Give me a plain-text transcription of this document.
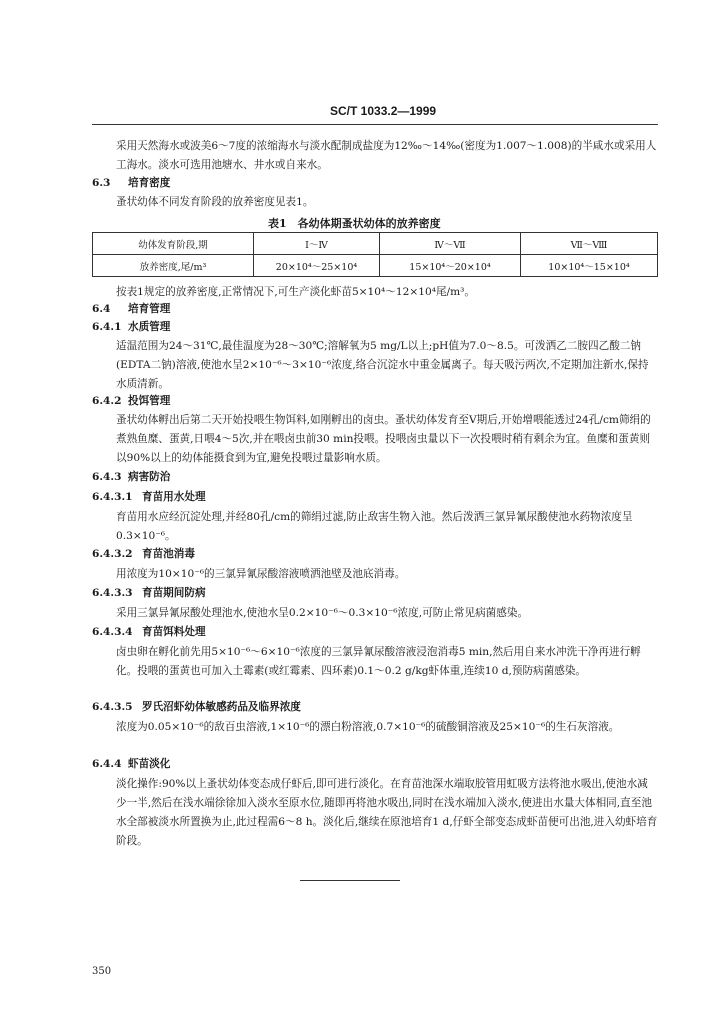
SC/T 1033.2—1999
采用天然海水或波美6～7度的浓缩海水与淡水配制成盐度为12‰～14‰(密度为1.007～1.008)的半咸水或采用人工海水。淡水可选用池塘水、井水或自来水。
6.3 培育密度
蚤状幼体不同发育阶段的放养密度见表1。
表1　各幼体期蚤状幼体的放养密度
幼体发育阶段,期	Ⅰ～Ⅳ	Ⅳ～Ⅶ	Ⅶ～Ⅷ
放养密度,尾/m³	20×10⁴～25×10⁴	15×10⁴～20×10⁴	10×10⁴～15×10⁴
按表1规定的放养密度,正常情况下,可生产淡化虾苗5×10⁴～12×10⁴尾/m³。
6.4 培育管理
6.4.1 水质管理
适温范围为24～31℃,最佳温度为28～30℃;溶解氧为5 mg/L以上;pH值为7.0～8.5。可泼洒乙二胺四乙酸二钠(EDTA二钠)溶液,使池水呈2×10⁻⁶～3×10⁻⁶浓度,络合沉淀水中重金属离子。每天吸污两次,不定期加注新水,保持水质清新。
6.4.2 投饵管理
蚤状幼体孵出后第二天开始投喂生物饵料,如刚孵出的卤虫。蚤状幼体发育至Ⅴ期后,开始增喂能透过24孔/cm筛绢的煮熟鱼糜、蛋黄,日喂4～5次,并在喂卤虫前30 min投喂。投喂卤虫量以下一次投喂时稍有剩余为宜。鱼糜和蛋黄则以90%以上的幼体能摄食到为宜,避免投喂过量影响水质。
6.4.3 病害防治
6.4.3.1 育苗用水处理
育苗用水应经沉淀处理,并经80孔/cm的筛绢过滤,防止敌害生物入池。然后泼洒三氯异氰尿酸使池水药物浓度呈0.3×10⁻⁶。
6.4.3.2 育苗池消毒
用浓度为10×10⁻⁶的三氯异氰尿酸溶液喷洒池壁及池底消毒。
6.4.3.3 育苗期间防病
采用三氯异氰尿酸处理池水,使池水呈0.2×10⁻⁶～0.3×10⁻⁶浓度,可防止常见病菌感染。
6.4.3.4 育苗饵料处理
卤虫卵在孵化前先用5×10⁻⁶～6×10⁻⁶浓度的三氯异氰尿酸溶液浸泡消毒5 min,然后用自来水冲洗干净再进行孵化。投喂的蛋黄也可加入土霉素(或红霉素、四环素)0.1～0.2 g/kg虾体重,连续10 d,预防病菌感染。
6.4.3.5 罗氏沼虾幼体敏感药品及临界浓度
浓度为0.05×10⁻⁶的敌百虫溶液,1×10⁻⁶的漂白粉溶液,0.7×10⁻⁶的硫酸铜溶液及25×10⁻⁶的生石灰溶液。
6.4.4 虾苗淡化
淡化操作:90%以上蚤状幼体变态成仔虾后,即可进行淡化。在育苗池深水端取胶管用虹吸方法将池水吸出,使池水减少一半,然后在浅水端徐徐加入淡水至原水位,随即再将池水吸出,同时在浅水端加入淡水,使进出水量大体相同,直至池水全部被淡水所置换为止,此过程需6～8 h。淡化后,继续在原池培育1 d,仔虾全部变态成虾苗便可出池,进入幼虾培育阶段。
350
